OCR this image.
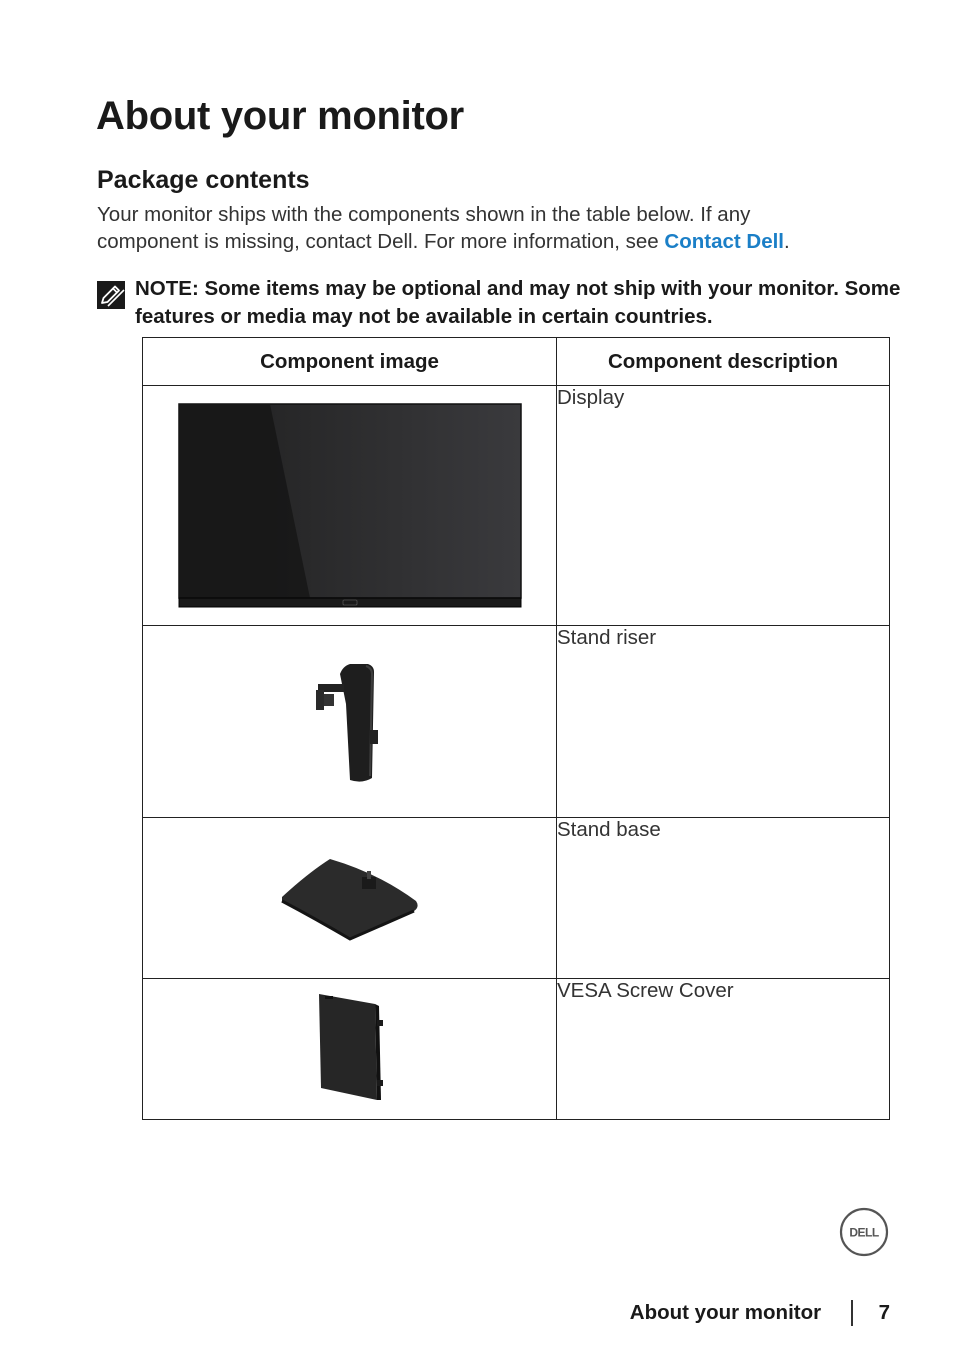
About your monitor
Package contents
Your monitor ships with the components shown in the table below. If any component is missing, contact Dell. For more information, see Contact Dell.
NOTE: Some items may be optional and may not ship with your monitor. Some features or media may not be available in certain countries.
Component image	Component description

	Display

	Stand riser

	Stand base

	VESA Screw Cover
DELL
About your monitor	7
